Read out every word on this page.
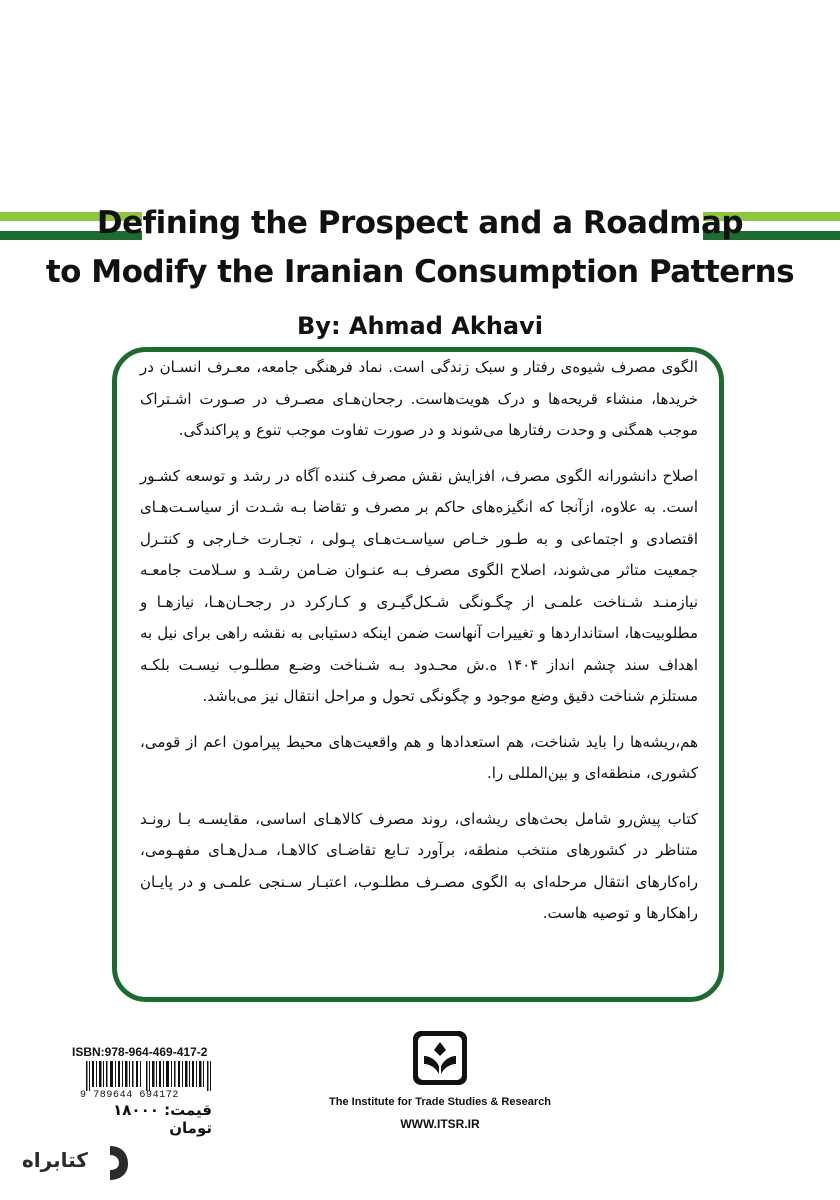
Defining the Prospect and a Roadmap
to Modify the Iranian Consumption Patterns
By: Ahmad Akhavi

الگوی مصرف شیوه‌ی رفتار و سبک زندگی است. نماد فرهنگی جامعه، معـرف انسـان در خریدها، منشاء قریحه‌ها و درک هویت‌هاست. رجحان‌هـای مصـرف در صـورت اشـتراک موجب همگنی و وحدت رفتارها می‌شوند و در صورت تفاوت موجب تنوع و پراکندگی.

اصلاح دانشورانه الگوی مصرف، افزایش نقش مصرف کننده آگاه در رشد و توسعه کشـور است. به علاوه، ازآنجا که انگیزه‌های حاکم بر مصرف و تقاضا بـه شـدت از سیاسـت‌هـای اقتصادی و اجتماعی و به طـور خـاص سیاسـت‌هـای پـولی ، تجـارت خـارجی و کنتـرل جمعیت متاثر می‌شوند، اصلاح الگوی مصرف بـه عنـوان ضـامن رشـد و سـلامت جامعـه نیازمنـد شـناخت علمـی از چگـونگی شـکل‌گیـری و کـارکرد در رجحـان‌هـا، نیازهـا و مطلوبیت‌ها، استانداردها و تغییرات آنهاست ضمن اینکه دستیابی به نقشه راهی برای نیل به اهداف سند چشم انداز ۱۴۰۴ ه.ش محـدود بـه شـناخت وضـع مطلـوب نیسـت بلکـه مستلزم شناخت دقیق وضع موجود و چگونگی تحول و مراحل انتقال نیز می‌باشد.

هم،ریشه‌ها را باید شناخت، هم استعدادها و هم واقعیت‌های محیط پیرامون اعم از قومی، کشوری، منطقه‌ای و بین‌المللی را.

کتاب پیش‌رو شامل بحث‌های ریشه‌ای، روند مصرف کالاهـای اساسی، مقایسـه بـا رونـد متناظر در کشورهای منتخب منطقه، برآورد تـابع تقاضـای کالاهـا، مـدل‌هـای مفهـومی، راه‌کارهای انتقال مرحله‌ای به الگوی مصـرف مطلـوب، اعتبـار سـنجی علمـی و در پایـان راهکارها و توصیه هاست.

ISBN:978-964-469-417-2
9 789644 694172
قیمت: ۱۸۰۰۰ تومان
The Institute for Trade Studies & Research
WWW.ITSR.IR
کتابراه
